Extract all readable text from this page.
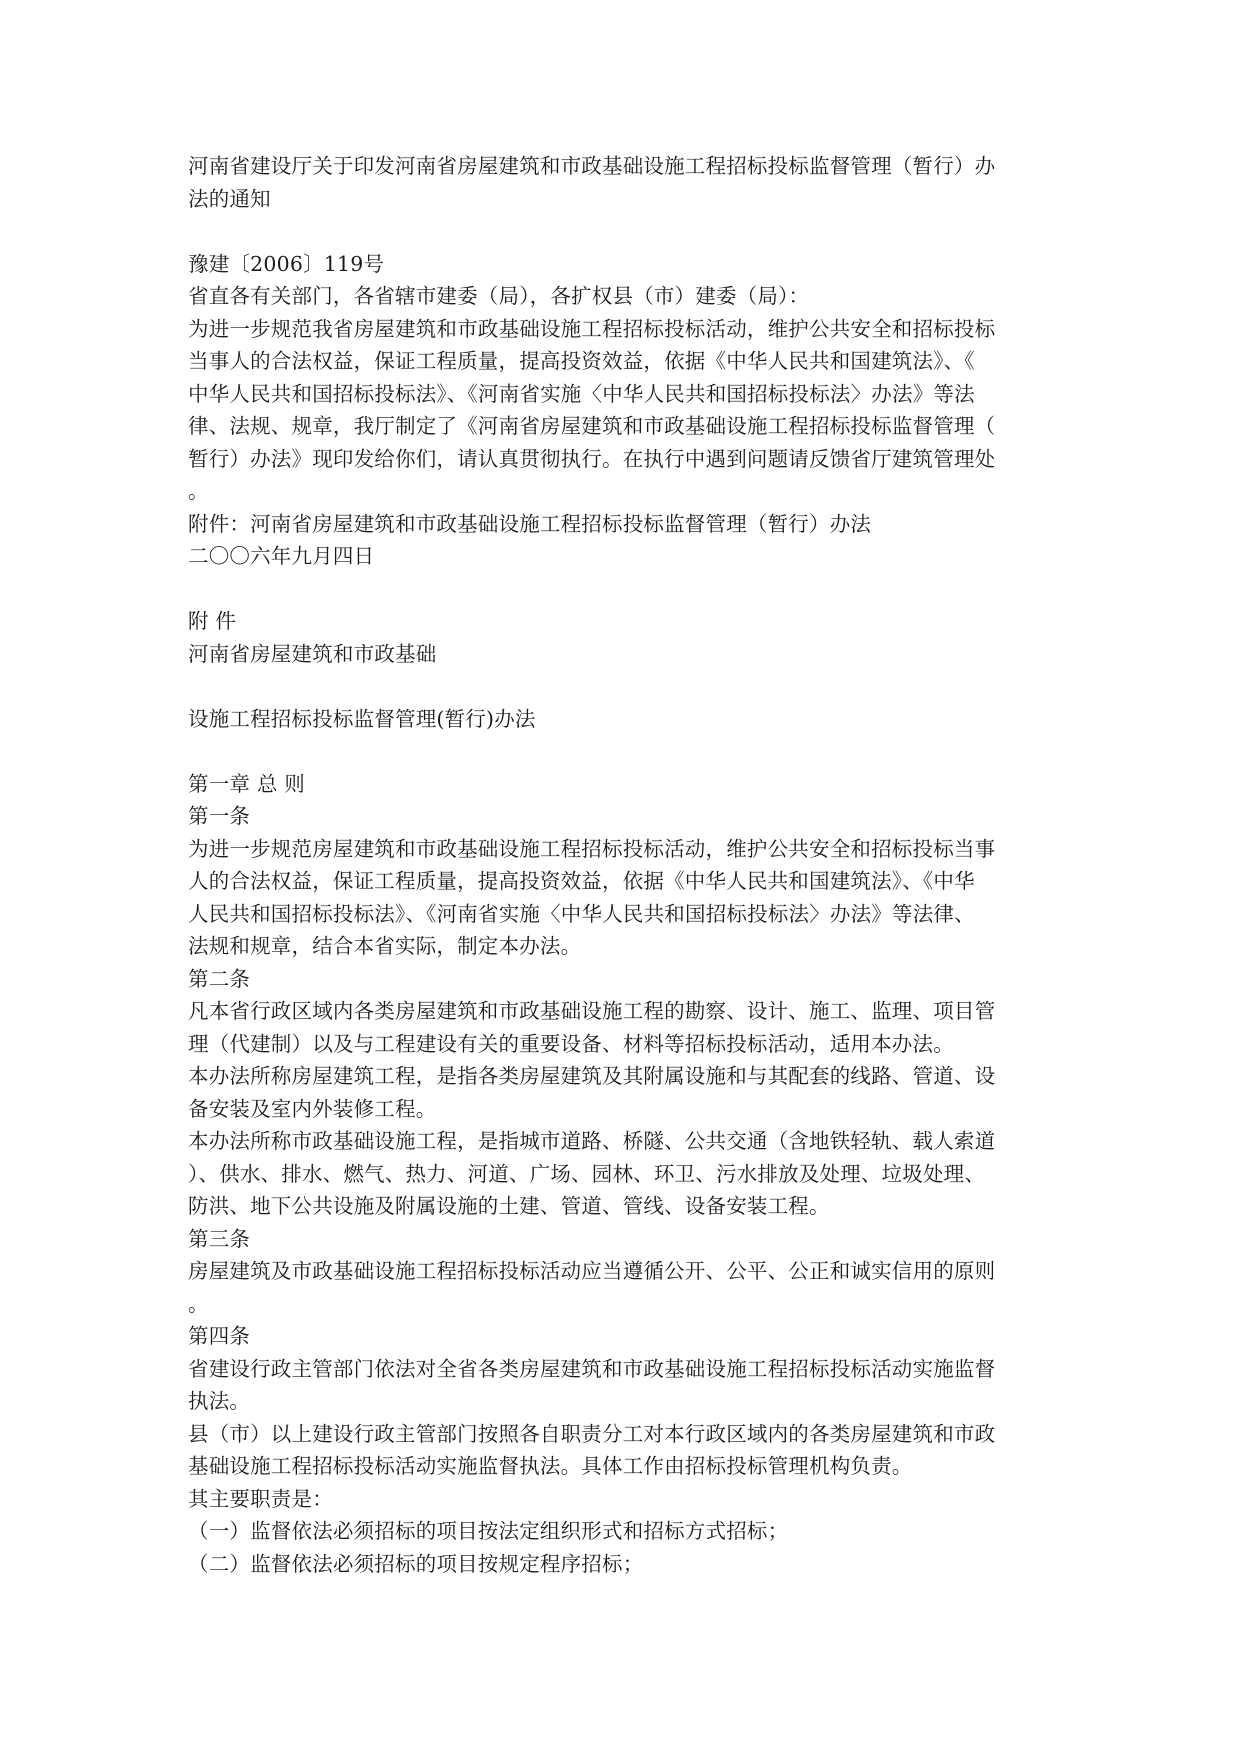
河南省建设厅关于印发河南省房屋建筑和市政基础设施工程招标投标监督管理（暂行）办
法的通知
豫建〔2006〕119号
省直各有关部门，各省辖市建委（局），各扩权县（市）建委（局）：
为进一步规范我省房屋建筑和市政基础设施工程招标投标活动，维护公共安全和招标投标
当事人的合法权益，保证工程质量，提高投资效益，依据《中华人民共和国建筑法》、《
中华人民共和国招标投标法》、《河南省实施〈中华人民共和国招标投标法〉办法》等法
律、法规、规章，我厅制定了《河南省房屋建筑和市政基础设施工程招标投标监督管理（
暂行）办法》现印发给你们，请认真贯彻执行。在执行中遇到问题请反馈省厅建筑管理处
。
附件：河南省房屋建筑和市政基础设施工程招标投标监督管理（暂行）办法
二〇〇六年九月四日
附 件
河南省房屋建筑和市政基础
设施工程招标投标监督管理(暂行)办法
第一章 总 则
第一条
为进一步规范房屋建筑和市政基础设施工程招标投标活动，维护公共安全和招标投标当事
人的合法权益，保证工程质量，提高投资效益，依据《中华人民共和国建筑法》、《中华
人民共和国招标投标法》、《河南省实施〈中华人民共和国招标投标法〉办法》等法律、
法规和规章，结合本省实际，制定本办法。
第二条
凡本省行政区域内各类房屋建筑和市政基础设施工程的勘察、设计、施工、监理、项目管
理（代建制）以及与工程建设有关的重要设备、材料等招标投标活动，适用本办法。
本办法所称房屋建筑工程，是指各类房屋建筑及其附属设施和与其配套的线路、管道、设
备安装及室内外装修工程。
本办法所称市政基础设施工程，是指城市道路、桥隧、公共交通（含地铁轻轨、载人索道
）、供水、排水、燃气、热力、河道、广场、园林、环卫、污水排放及处理、垃圾处理、
防洪、地下公共设施及附属设施的土建、管道、管线、设备安装工程。
第三条
房屋建筑及市政基础设施工程招标投标活动应当遵循公开、公平、公正和诚实信用的原则
。
第四条
省建设行政主管部门依法对全省各类房屋建筑和市政基础设施工程招标投标活动实施监督
执法。
县（市）以上建设行政主管部门按照各自职责分工对本行政区域内的各类房屋建筑和市政
基础设施工程招标投标活动实施监督执法。具体工作由招标投标管理机构负责。
其主要职责是：
（一）监督依法必须招标的项目按法定组织形式和招标方式招标；
（二）监督依法必须招标的项目按规定程序招标；
